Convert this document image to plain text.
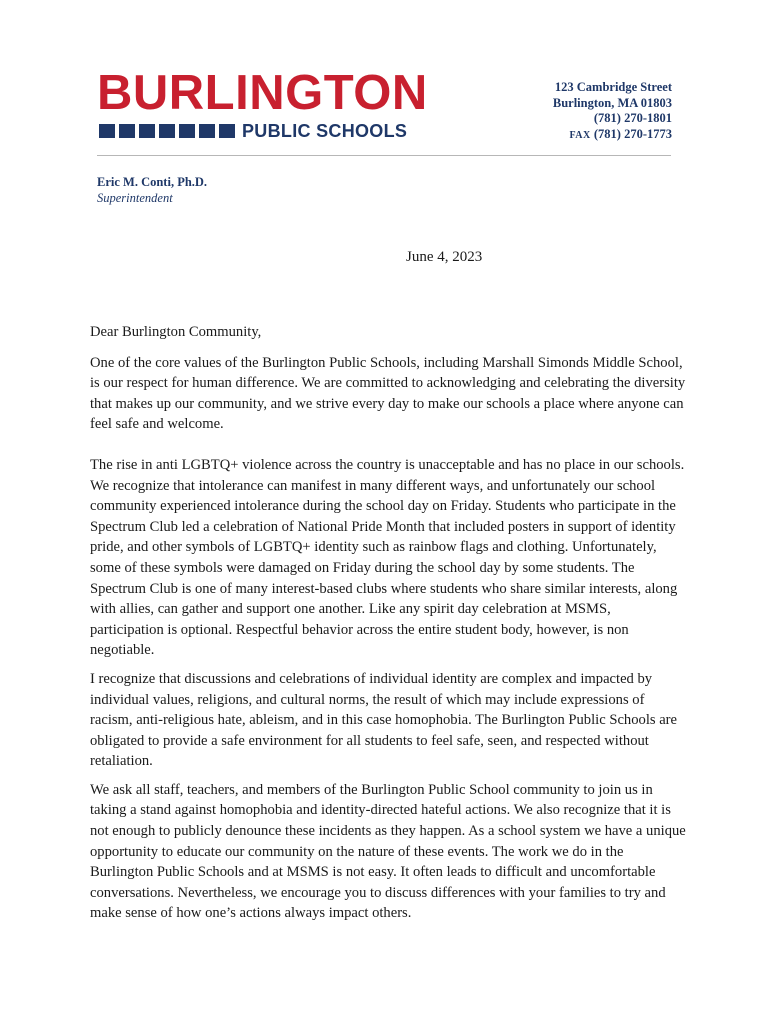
BURLINGTON
PUBLIC SCHOOLS
123 Cambridge Street
Burlington, MA 01803
(781) 270-1801
FAX (781) 270-1773
Eric M. Conti, Ph.D.
Superintendent
June 4, 2023

Dear Burlington Community,

One of the core values of the Burlington Public Schools, including Marshall Simonds Middle School, is our respect for human difference. We are committed to acknowledging and celebrating the diversity that makes up our community, and we strive every day to make our schools a place where anyone can feel safe and welcome.

The rise in anti LGBTQ+ violence across the country is unacceptable and has no place in our schools. We recognize that intolerance can manifest in many different ways, and unfortunately our school community experienced intolerance during the school day on Friday. Students who participate in the Spectrum Club led a celebration of National Pride Month that included posters in support of identity pride, and other symbols of LGBTQ+ identity such as rainbow flags and clothing. Unfortunately, some of these symbols were damaged on Friday during the school day by some students. The Spectrum Club is one of many interest-based clubs where students who share similar interests, along with allies, can gather and support one another. Like any spirit day celebration at MSMS, participation is optional. Respectful behavior across the entire student body, however, is non negotiable.

I recognize that discussions and celebrations of individual identity are complex and impacted by individual values, religions, and cultural norms, the result of which may include expressions of racism, anti-religious hate, ableism, and in this case homophobia. The Burlington Public Schools are obligated to provide a safe environment for all students to feel safe, seen, and respected without retaliation.

We ask all staff, teachers, and members of the Burlington Public School community to join us in taking a stand against homophobia and identity-directed hateful actions. We also recognize that it is not enough to publicly denounce these incidents as they happen. As a school system we have a unique opportunity to educate our community on the nature of these events. The work we do in the Burlington Public Schools and at MSMS is not easy. It often leads to difficult and uncomfortable conversations. Nevertheless, we encourage you to discuss differences with your families to try and make sense of how one’s actions always impact others.
